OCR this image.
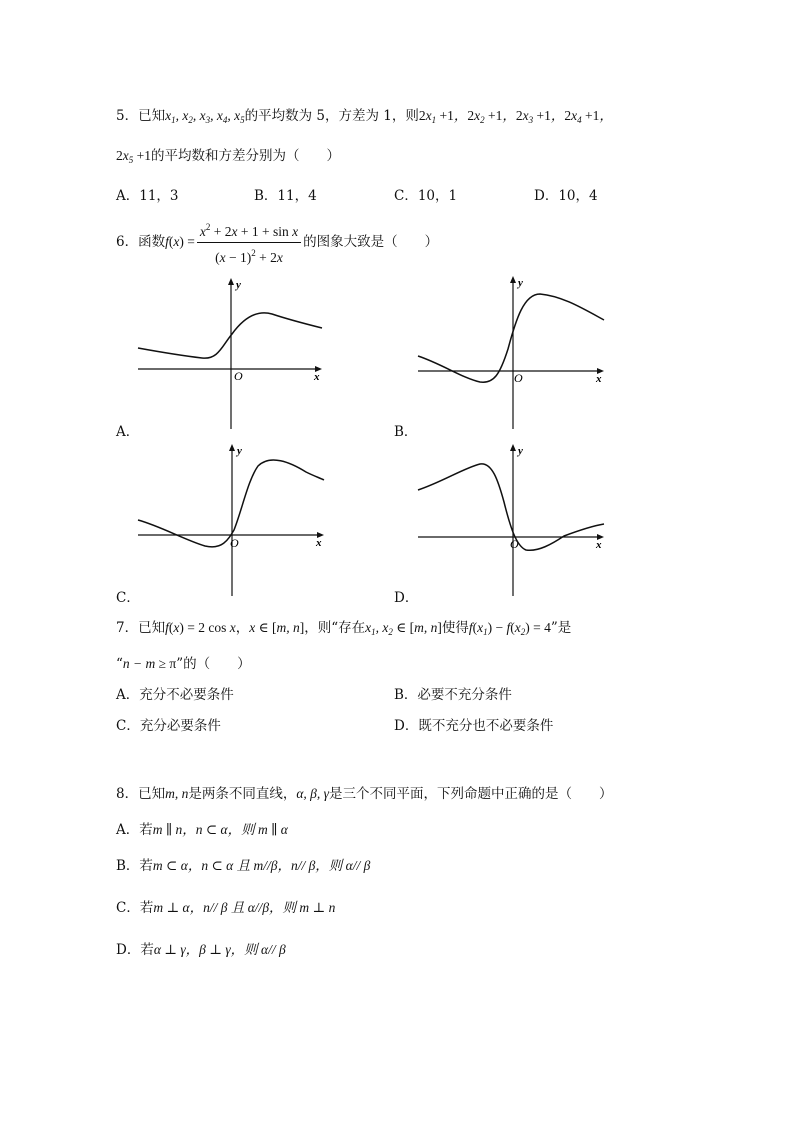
5．已知$x_1$, $x_2$, $x_3$, $x_4$, $x_5$的平均数为 5，方差为 1，则$2x_1 +1$，$2x_2 +1$，$2x_3 +1$，$2x_4 +1$，
$2x_5 +1$的平均数和方差分别为（　　）
A．11，3	B．11，4	C．10，1	D．10，4
6．函数$f(x) = \frac{x^2 + 2x + 1 + \sin x}{(x - 1)^2 + 2x}$ 的图象大致是（　　）
y
x
O
A．
y
x
O
B．
y
x
O
C．
y
x
O
D．
7．已知f(x) = 2 cos x，x ∈ [m, n]，则“存在$x_1$, $x_2$ ∈ [m, n]使得$f(x_1) - f(x_2) = 4$”是
“n − m ≥ π”的（　　）
A．充分不必要条件	B．必要不充分条件
C．充分必要条件	D．既不充分也不必要条件
8．已知m, n是两条不同直线，α, β, γ是三个不同平面，下列命题中正确的是（　　）
A．若m ∥ n，n ⊂ α，则 m ∥ α
B．若m ⊂ α，n ⊂ α 且 m//β，n// β，则 α// β
C．若m ⊥ α，n// β 且 α//β，则 m ⊥ n
D．若α ⊥ γ，β ⊥ γ，则 α// β
